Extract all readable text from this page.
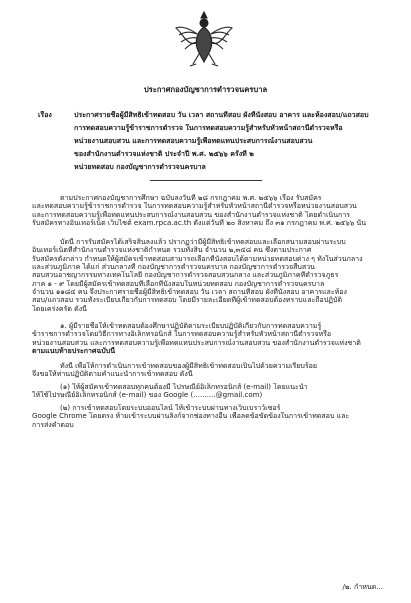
ประกาศกองบัญชาการตำรวจนครบาล
เรื่อง	ประกาศรายชื่อผู้มีสิทธิเข้าทดสอบ วัน เวลา สถานที่สอบ ผังที่นั่งสอบ อาคาร และห้องสอบ/แถวสอบ
การทดสอบความรู้ข้าราชการตำรวจ ในการทดสอบความรู้สำหรับหัวหน้าสถานีตำรวจหรือ
หน่วยงานสอบสวน และการทดสอบความรู้เพื่อทดแทนประสบการณ์งานสอบสวน
ของสำนักงานตำรวจแห่งชาติ ประจำปี พ.ศ. ๒๕๖๖ ครั้งที่ ๒
หน่วยทดสอบ กองบัญชาการตำรวจนครบาล
ตามประกาศกองบัญชาการศึกษา ฉบับลงวันที่ ๒๘ กรกฎาคม พ.ศ. ๒๕๖๖ เรื่อง รับสมัคร
และทดสอบความรู้ข้าราชการตำรวจ ในการทดสอบความรู้สำหรับหัวหน้าสถานีตำรวจหรือหน่วยงานสอบสวน
และการทดสอบความรู้เพื่อทดแทนประสบการณ์งานสอบสวน ของสำนักงานตำรวจแห่งชาติ โดยดำเนินการ
รับสมัครทางอินเทอร์เน็ต เว็บไซต์ exam.rpca.ac.th ตั้งแต่วันที่ ๒๐ สิงหาคม ถึง ๓๑ กรกฎาคม พ.ศ. ๒๕๖๖ นั้น
บัดนี้ การรับสมัครได้เสร็จสิ้นลงแล้ว ปรากฏว่ามีผู้มีสิทธิเข้าทดสอบและเลือกสนามสอบผ่านระบบ
อินเทอร์เน็ตที่สำนักงานตำรวจแห่งชาติกำหนด รวมทั้งสิ้น จำนวน ๒,๓๔๘ คน ซึ่งตามประกาศ
รับสมัครดังกล่าว กำหนดให้ผู้สมัครเข้าทดสอบสามารถเลือกที่นั่งสอบได้ตามหน่วยทดสอบต่าง ๆ ทั้งในส่วนกลาง
และส่วนภูมิภาค ได้แก่ ส่วนกลางที่ กองบัญชาการตำรวจนครบาล กองบัญชาการตำรวจสืบสวน
สอบสวนอาชญากรรมทางเทคโนโลยี กองบัญชาการตำรวจสอบสวนกลาง และส่วนภูมิภาคที่ตำรวจภูธร
ภาค ๑ - ๙ โดยมีผู้สมัครเข้าทดสอบที่เลือกที่นั่งสอบในหน่วยทดสอบ กองบัญชาการตำรวจนครบาล
จำนวน ๑๑๘๔ คน จึงประกาศรายชื่อผู้มีสิทธิเข้าทดสอบ วัน เวลา สถานที่สอบ ผังที่นั่งสอบ อาคารและห้อง
สอบ/แถวสอบ รวมทั้งระเบียบเกี่ยวกับการทดสอบ โดยมีรายละเอียดที่ผู้เข้าทดสอบต้องทราบและถือปฏิบัติ
โดยเคร่งครัด ดังนี้
๑. ผู้มีรายชื่อให้เข้าทดสอบต้องศึกษาปฏิบัติตามระเบียบปฏิบัติเกี่ยวกับการทดสอบความรู้
ข้าราชการตำรวจโดยวิธีการทางอิเล็กทรอนิกส์ ในการทดสอบความรู้สำหรับหัวหน้าสถานีตำรวจหรือ
หน่วยงานสอบสวน และการทดสอบความรู้เพื่อทดแทนประสบการณ์งานสอบสวน ของสำนักงานตำรวจแห่งชาติ
ตามแนบท้ายประกาศฉบับนี้
ทั้งนี้ เพื่อให้การดำเนินการเข้าทดสอบของผู้มีสิทธิเข้าทดสอบเป็นไปด้วยความเรียบร้อย
จึงขอให้ท่านปฏิบัติตามคำแนะนำการเข้าทดสอบ ดังนี้
(๑) ให้ผู้สมัครเข้าทดสอบทุกคนต้องมี ไปรษณีย์อิเล็กทรอนิกส์ (e-mail) โดยแนะนำ
ให้ใช้ไปรษณีย์อิเล็กทรอนิกส์ (e-mail) ของ Google (..........@gmail.com)
(๒) การเข้าทดสอบโดยระบบออนไลน์ ให้เข้าระบบผ่านทางเว็บเบราว์เซอร์
Google Chrome โดยตรง ห้ามเข้าระบบผ่านลิงก์จากช่องทางอื่น เพื่อลดข้อขัดข้องในการเข้าทดสอบ และ
การส่งคำตอบ
/๒. กำหนด...
